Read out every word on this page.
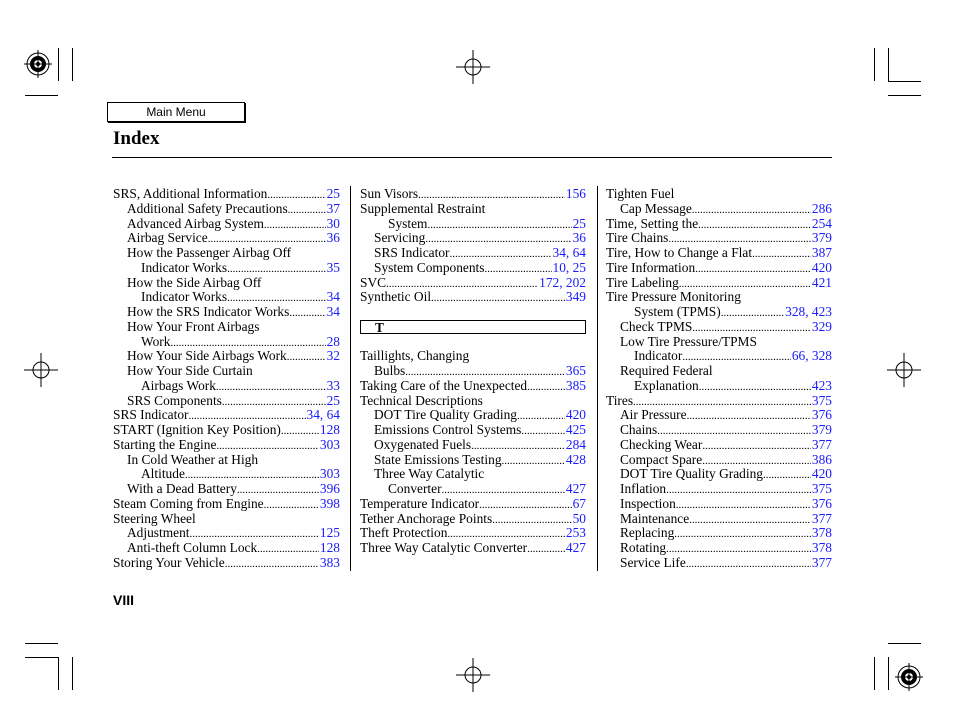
Main Menu
Index
SRS, Additional Information .....	25
Additional Safety Precautions .....	37
Advanced Airbag System .....	30
Airbag Service .....	36
How the Passenger Airbag Off
Indicator Works .....	35
How the Side Airbag Off
Indicator Works .....	34
How the SRS Indicator Works .....	34
How Your Front Airbags
Work .....	28
How Your Side Airbags Work .....	32
How Your Side Curtain
Airbags Work .....	33
SRS Components .....	25
SRS Indicator .....	34, 64
START (Ignition Key Position) .....	128
Starting the Engine .....	303
In Cold Weather at High
Altitude .....	303
With a Dead Battery .....	396
Steam Coming from Engine .....	398
Steering Wheel
Adjustment .....	125
Anti-theft Column Lock .....	128
Storing Your Vehicle .....	383
Sun Visors .....	156
Supplemental Restraint
System .....	25
Servicing .....	36
SRS Indicator .....	34, 64
System Components .....	10, 25
SVC .....	172, 202
Synthetic Oil .....	349
T
Taillights, Changing
Bulbs .....	365
Taking Care of the Unexpected .....	385
Technical Descriptions
DOT Tire Quality Grading .....	420
Emissions Control Systems .....	425
Oxygenated Fuels .....	284
State Emissions Testing .....	428
Three Way Catalytic
Converter .....	427
Temperature Indicator .....	67
Tether Anchorage Points .....	50
Theft Protection .....	253
Three Way Catalytic Converter .....	427
Tighten Fuel
Cap Message .....	286
Time, Setting the .....	254
Tire Chains .....	379
Tire, How to Change a Flat .....	387
Tire Information .....	420
Tire Labeling .....	421
Tire Pressure Monitoring
System (TPMS) .....	328, 423
Check TPMS .....	329
Low Tire Pressure/TPMS
Indicator .....	66, 328
Required Federal
Explanation .....	423
Tires .....	375
Air Pressure .....	376
Chains .....	379
Checking Wear .....	377
Compact Spare .....	386
DOT Tire Quality Grading .....	420
Inflation .....	375
Inspection .....	376
Maintenance .....	377
Replacing .....	378
Rotating .....	378
Service Life .....	377
VIII
